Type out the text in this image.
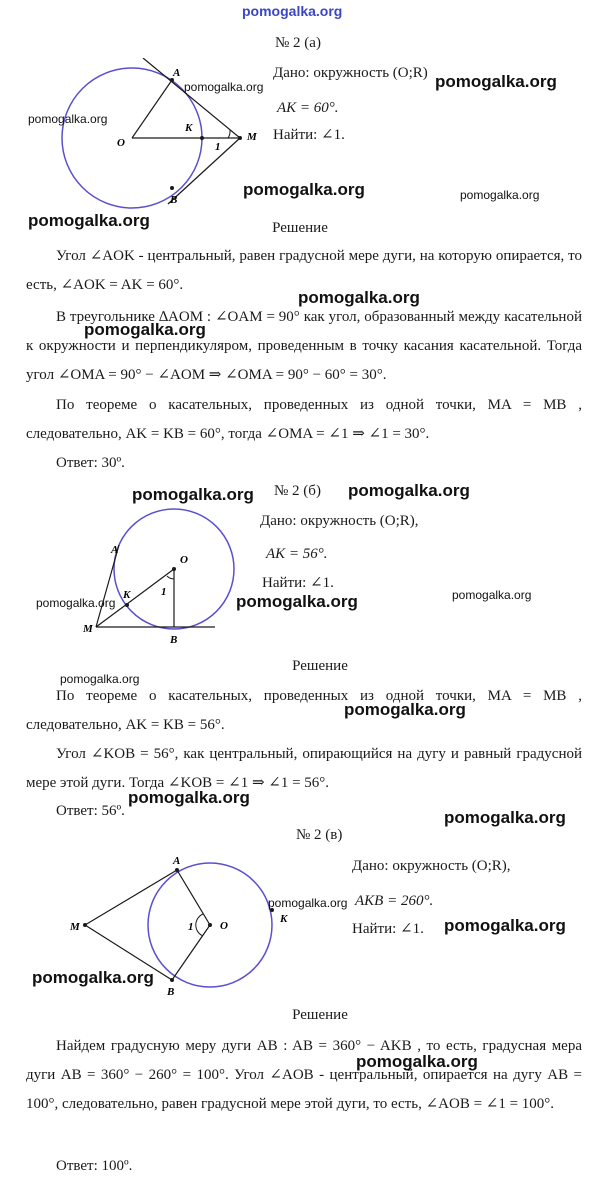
pomogalka.org
№ 2 (а)
A
K
O	M
B
1
Дано: окружность (O;R)
AK = 60°.
Найти: ∠1.
Решение
Угол ∠AOK - центральный, равен градусной мере дуги, на которую опирается, то есть, ∠AOK = AK = 60°.
В треугольнике ∆AOM : ∠OAM = 90° как угол, образованный между касательной к окружности и перпендикуляром, проведенным в точку касания касательной. Тогда угол ∠OMA = 90° − ∠AOM ⇒ ∠OMA = 90° − 60° = 30°.
По теореме о касательных, проведенных из одной точки, MA = MB , следовательно, AK = KB = 60°, тогда ∠OMA = ∠1 ⇒ ∠1 = 30°.
Ответ: 30º.
№ 2 (б)
A
K
O
M
B
1
Дано: окружность (O;R),
AK = 56°.
Найти: ∠1.
Решение
По теореме о касательных, проведенных из одной точки, MA = MB , следовательно, AK = KB = 56°.
Угол ∠KOB = 56°, как центральный, опирающийся на дугу и равный градусной мере этой дуги. Тогда ∠KOB = ∠1 ⇒ ∠1 = 56°.
Ответ: 56º.
№ 2 (в)
A
M
B
O
K
1
Дано: окружность (O;R),
AKB = 260°.
Найти: ∠1.
Решение
Найдем градусную меру дуги AB : AB = 360° − AKB , то есть, градусная мера дуги AB = 360° − 260° = 100°. Угол ∠AOB - центральный, опирается на дугу AB = 100°, следовательно, равен градусной мере этой дуги, то есть, ∠AOB = ∠1 = 100°.
Ответ: 100º.
pomogalka.org	pomogalka.org
pomogalka.org
pomogalka.org	pomogalka.org
pomogalka.org
pomogalka.org
pomogalka.org
pomogalka.org	pomogalka.org
pomogalka.org	pomogalka.org	pomogalka.org
pomogalka.org
pomogalka.org
pomogalka.org
pomogalka.org
pomogalka.org
pomogalka.org
pomogalka.org
pomogalka.org
